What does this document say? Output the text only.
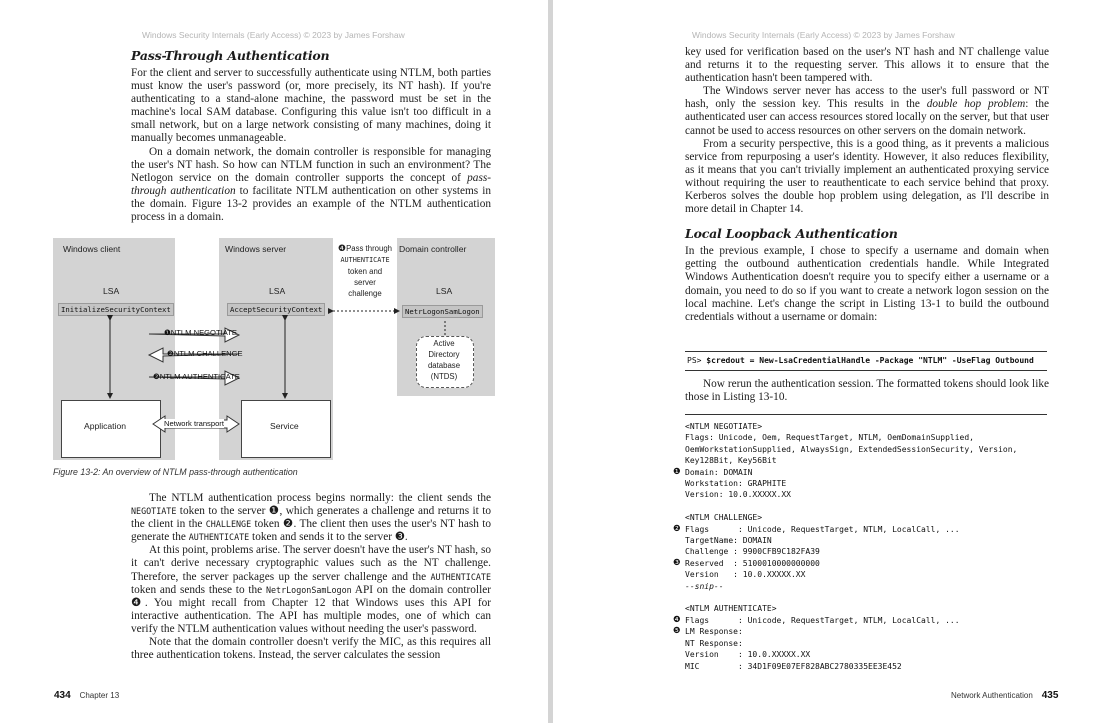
Windows Security Internals (Early Access) © 2023 by James Forshaw
Pass-Through Authentication

For the client and server to successfully authenticate using NTLM, both parties must know the user's password (or, more precisely, its NT hash). If you're authenticating to a stand-alone machine, the password must be set in the machine's local SAM database. Configuring this value isn't too difficult in a small network, but on a large network consisting of many machines, doing it manually becomes unmanageable.

On a domain network, the domain controller is responsible for managing the user's NT hash. So how can NTLM function in such an environment? The Netlogon service on the domain controller supports the concept of pass-through authentication to facilitate NTLM authentication on other systems in the domain. Figure 13-2 provides an example of the NTLM authentication process in a domain.

Windows client
LSA
InitializeSecurityContext
Application
Windows server
LSA
AcceptSecurityContext
Service
Domain controller
LSA
NetrLogonSamLogon
Active
Directory
database
(NTDS)
❹Pass through
AUTHENTICATE
token and
server
challenge
❶NTLM NEGOTIATE
❷NTLM CHALLENGE
❸NTLM AUTHENTICATE
Network transport
Figure 13-2: An overview of NTLM pass-through authentication

The NTLM authentication process begins normally: the client sends the NEGOTIATE token to the server ❶, which generates a challenge and returns it to the client in the CHALLENGE token ❷. The client then uses the user's NT hash to generate the AUTHENTICATE token and sends it to the server ❸.

At this point, problems arise. The server doesn't have the user's NT hash, so it can't derive necessary cryptographic values such as the NT challenge. Therefore, the server packages up the server challenge and the AUTHENTICATE token and sends these to the NetrLogonSamLogon API on the domain controller ❹. You might recall from Chapter 12 that Windows uses this API for interactive authentication. The API has multiple modes, one of which can verify the NTLM authentication values without needing the user's password.

Note that the domain controller doesn't verify the MIC, as this requires all three authentication tokens. Instead, the server calculates the session

434 Chapter 13
Windows Security Internals (Early Access) © 2023 by James Forshaw

key used for verification based on the user's NT hash and NT challenge value and returns it to the requesting server. This allows it to ensure that the authentication hasn't been tampered with.

The Windows server never has access to the user's full password or NT hash, only the session key. This results in the double hop problem: the authenticated user can access resources stored locally on the server, but that user cannot be used to access resources on other servers on the domain network.

From a security perspective, this is a good thing, as it prevents a malicious service from repurposing a user's identity. However, it also reduces flexibility, as it means that you can't trivially implement an authenticated proxying service without requiring the user to reauthenticate to each service behind that proxy. Kerberos solves the double hop problem using delegation, as I'll describe in more detail in Chapter 14.

Local Loopback Authentication

In the previous example, I chose to specify a username and domain when getting the outbound authentication credentials handle. While Integrated Windows Authentication doesn't require you to specify either a username or a domain, you need to do so if you want to create a network logon session on the local machine. Let's change the script in Listing 13-1 to build the outbound credentials without a username or domain:

PS> $credout = New-LsaCredentialHandle -Package "NTLM" -UseFlag Outbound

Now rerun the authentication session. The formatted tokens should look like those in Listing 13-10.

<NTLM NEGOTIATE>
Flags: Unicode, Oem, RequestTarget, NTLM, OemDomainSupplied,
OemWorkstationSupplied, AlwaysSign, ExtendedSessionSecurity, Version,
Key128Bit, Key56Bit
❶ Domain: DOMAIN
Workstation: GRAPHITE
Version: 10.0.XXXXX.XX
<NTLM CHALLENGE>
❷ Flags      : Unicode, RequestTarget, NTLM, LocalCall, ...
TargetName: DOMAIN
Challenge : 9900CFB9C182FA39
❸ Reserved  : 5100010000000000
Version   : 10.0.XXXXX.XX
--snip--
<NTLM AUTHENTICATE>
❹ Flags      : Unicode, RequestTarget, NTLM, LocalCall, ...
❺ LM Response:
NT Response:
Version    : 10.0.XXXXX.XX
MIC        : 34D1F09E07EF828ABC2780335EE3E452
Network Authentication 435
